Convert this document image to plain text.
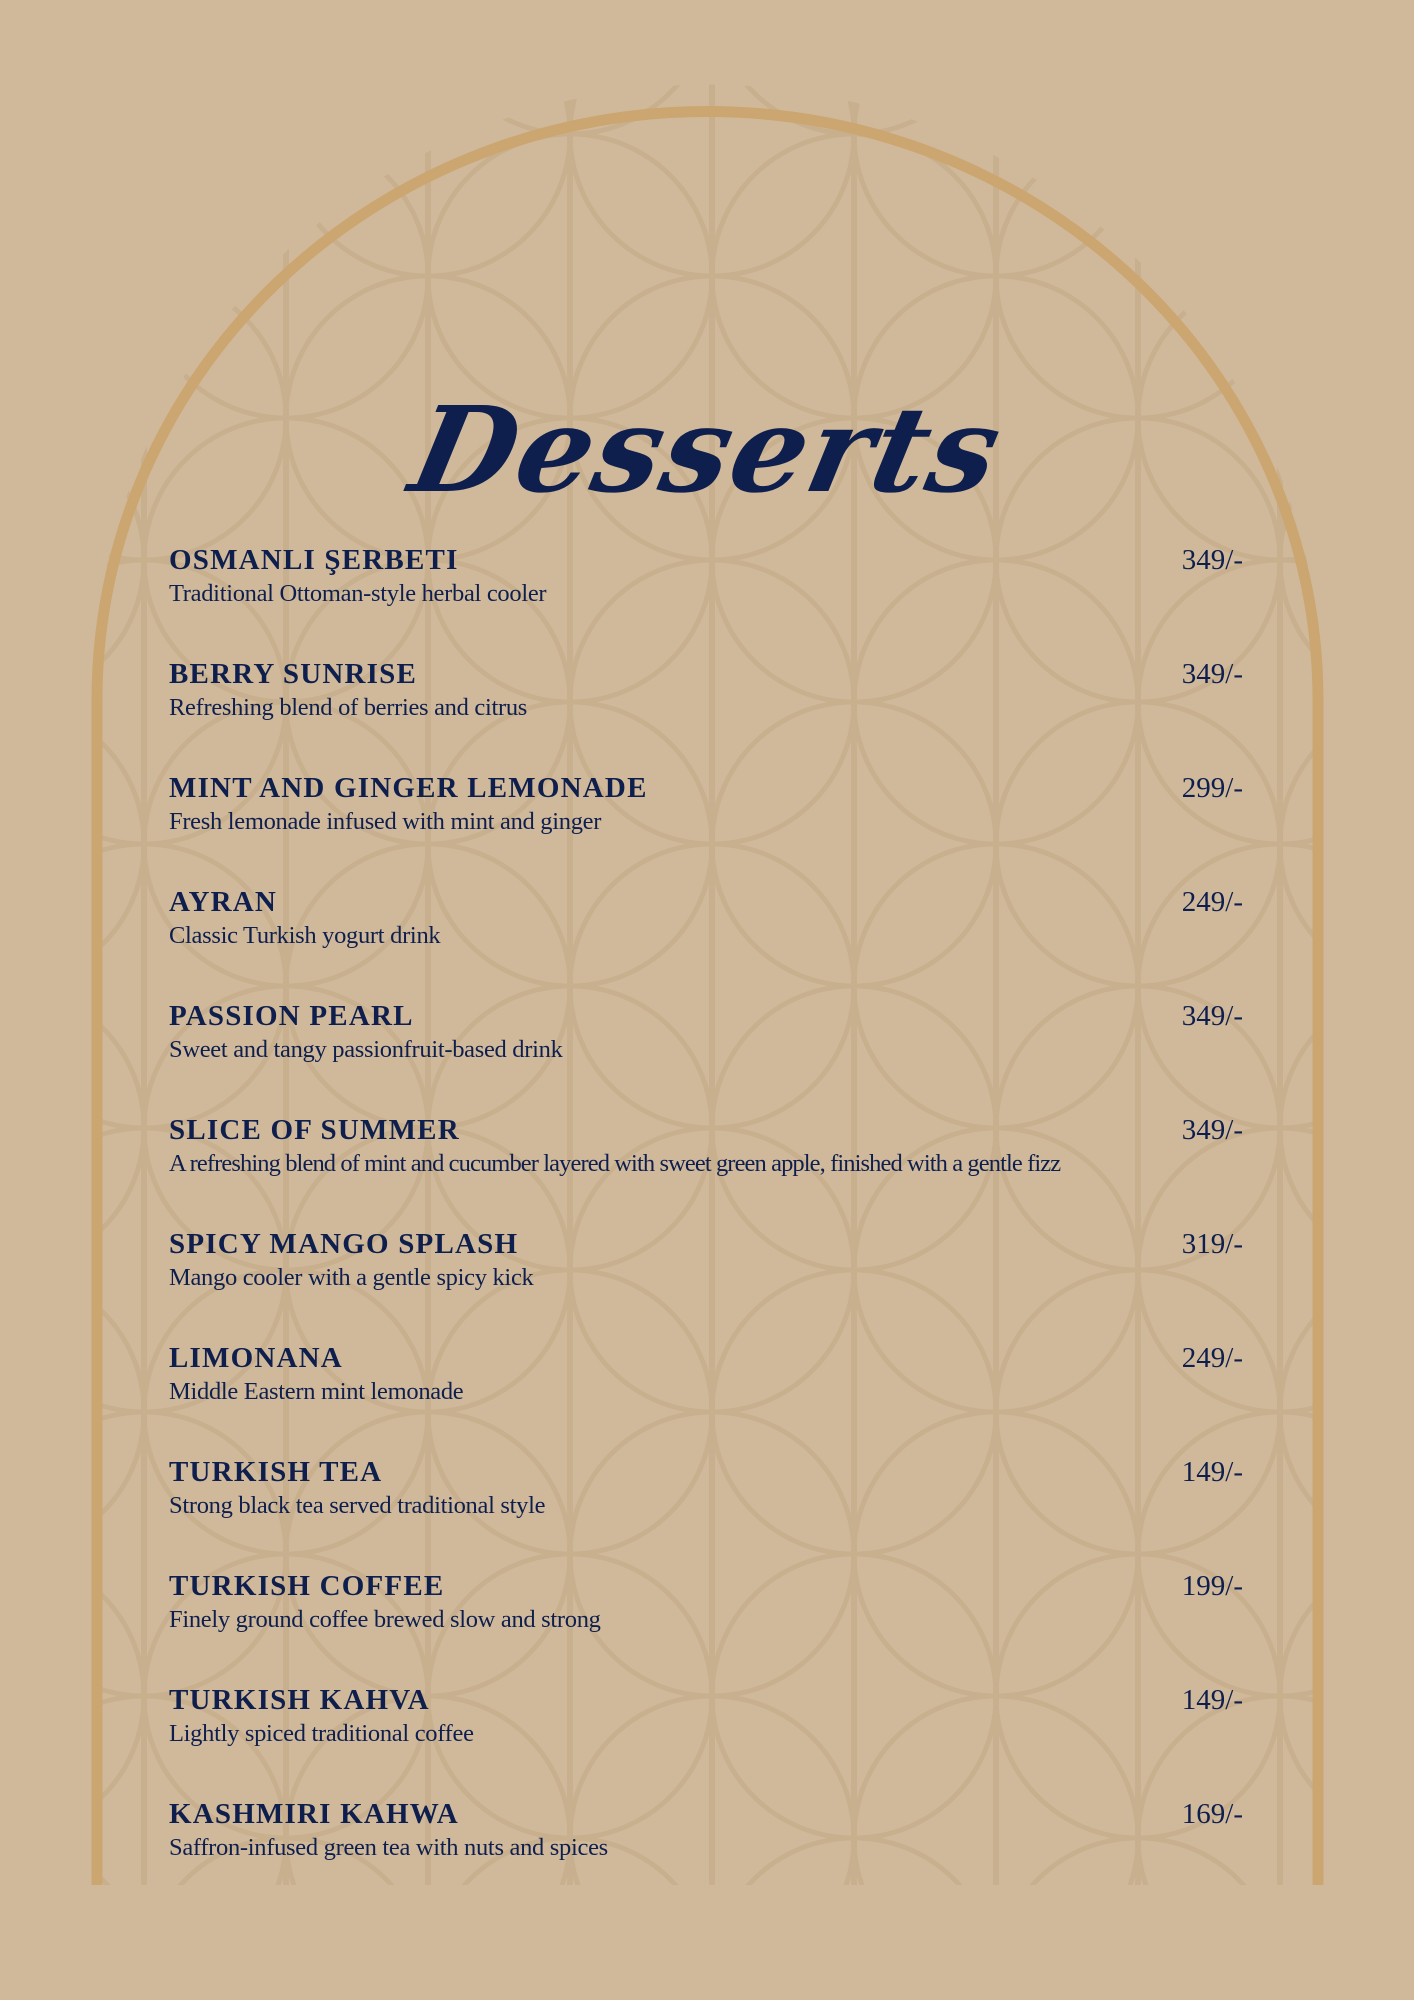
Desserts
OSMANLI ŞERBETI	349/-
Traditional Ottoman-style herbal cooler
BERRY SUNRISE	349/-
Refreshing blend of berries and citrus
MINT AND GINGER LEMONADE	299/-
Fresh lemonade infused with mint and ginger
AYRAN	249/-
Classic Turkish yogurt drink
PASSION PEARL	349/-
Sweet and tangy passionfruit-based drink
SLICE OF SUMMER	349/-
A refreshing blend of mint and cucumber layered with sweet green apple, finished with a gentle fizz
SPICY MANGO SPLASH	319/-
Mango cooler with a gentle spicy kick
LIMONANA	249/-
Middle Eastern mint lemonade
TURKISH TEA	149/-
Strong black tea served traditional style
TURKISH COFFEE	199/-
Finely ground coffee brewed slow and strong
TURKISH KAHVA	149/-
Lightly spiced traditional coffee
KASHMIRI KAHWA	169/-
Saffron-infused green tea with nuts and spices
